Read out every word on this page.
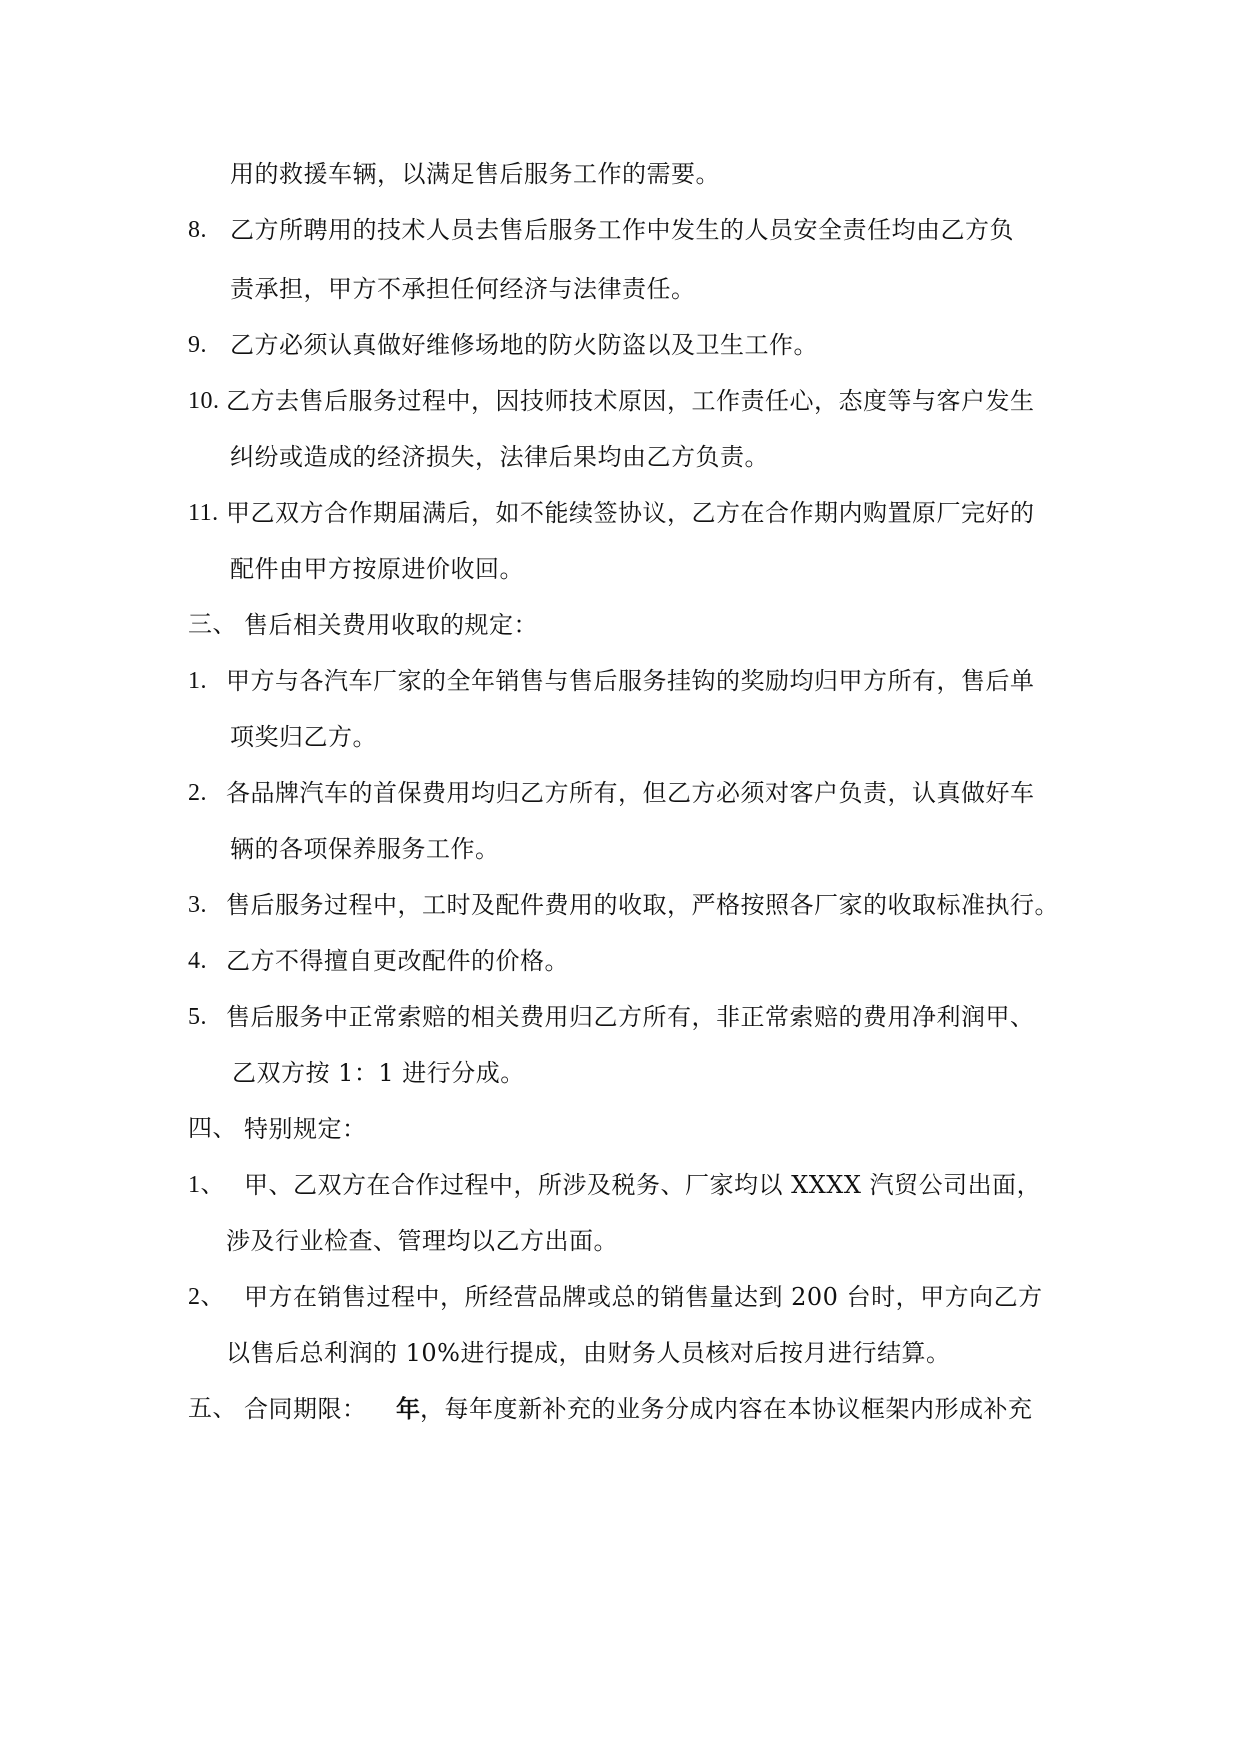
用的救援车辆，以满足售后服务工作的需要。
8. 乙方所聘用的技术人员去售后服务工作中发生的人员安全责任均由乙方负
责承担，甲方不承担任何经济与法律责任。
9. 乙方必须认真做好维修场地的防火防盗以及卫生工作。
10. 乙方去售后服务过程中，因技师技术原因，工作责任心，态度等与客户发生
纠纷或造成的经济损失，法律后果均由乙方负责。
11. 甲乙双方合作期届满后，如不能续签协议，乙方在合作期内购置原厂完好的
配件由甲方按原进价收回。
三、 售后相关费用收取的规定：
1. 甲方与各汽车厂家的全年销售与售后服务挂钩的奖励均归甲方所有，售后单
项奖归乙方。
2. 各品牌汽车的首保费用均归乙方所有，但乙方必须对客户负责，认真做好车
辆的各项保养服务工作。
3. 售后服务过程中，工时及配件费用的收取，严格按照各厂家的收取标准执行。
4. 乙方不得擅自更改配件的价格。
5. 售后服务中正常索赔的相关费用归乙方所有，非正常索赔的费用净利润甲、
乙双方按 1：1 进行分成。
四、 特别规定：
1、 甲、乙双方在合作过程中，所涉及税务、厂家均以 XXXX 汽贸公司出面，
涉及行业检查、管理均以乙方出面。
2、 甲方在销售过程中，所经营品牌或总的销售量达到 200 台时，甲方向乙方
以售后总利润的 10%进行提成，由财务人员核对后按月进行结算。
五、 合同期限： 年 ，每年度新补充的业务分成内容在本协议框架内形成补充
